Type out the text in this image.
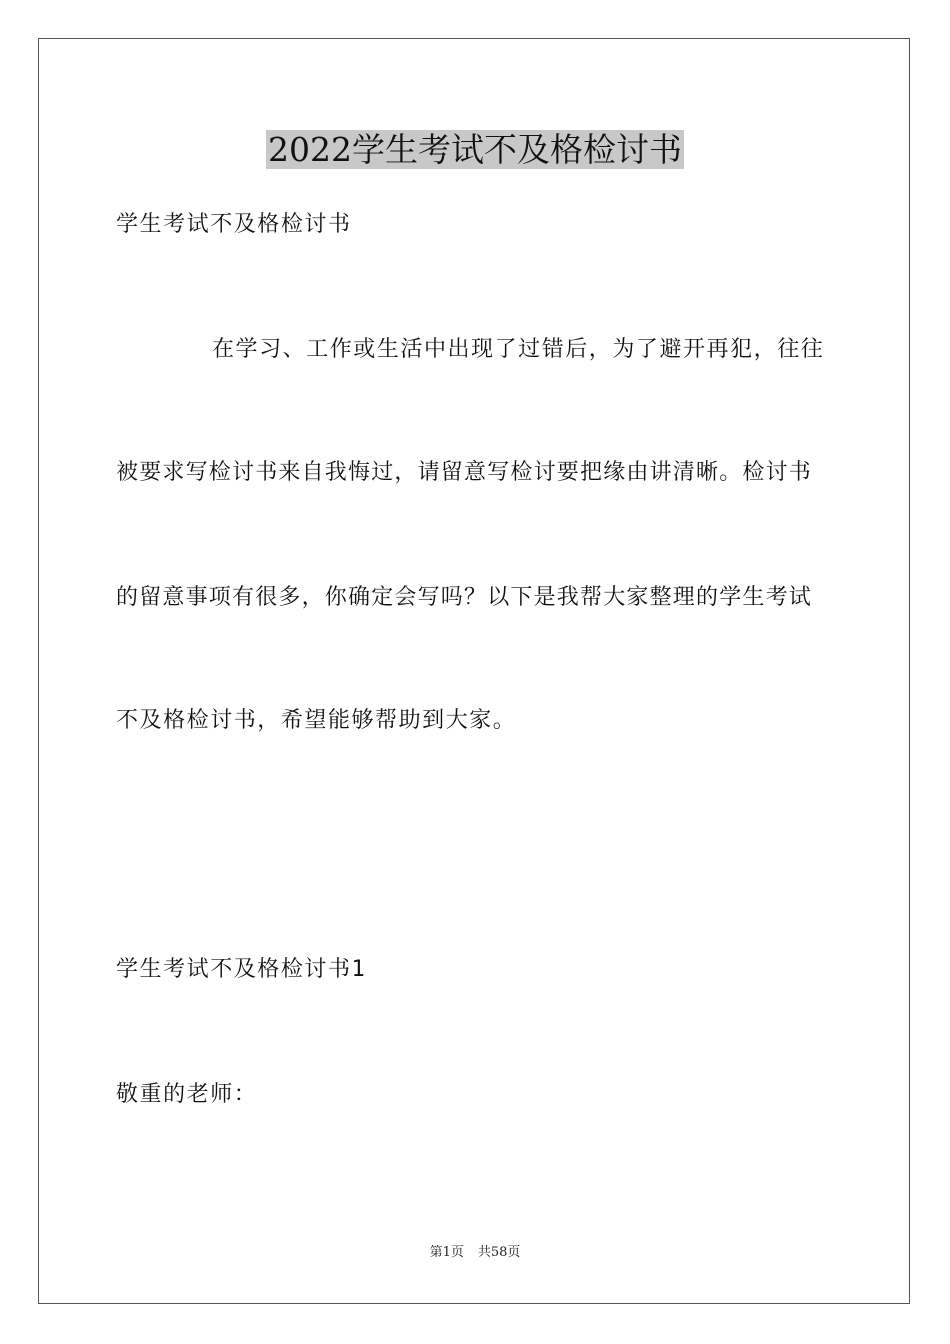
2022学生考试不及格检讨书
学生考试不及格检讨书
在学习、工作或生活中出现了过错后，为了避开再犯，往往
被要求写检讨书来自我悔过，请留意写检讨要把缘由讲清晰。检讨书
的留意事项有很多，你确定会写吗？以下是我帮大家整理的学生考试
不及格检讨书，希望能够帮助到大家。
学生考试不及格检讨书1
敬重的老师：
第1页 共58页
